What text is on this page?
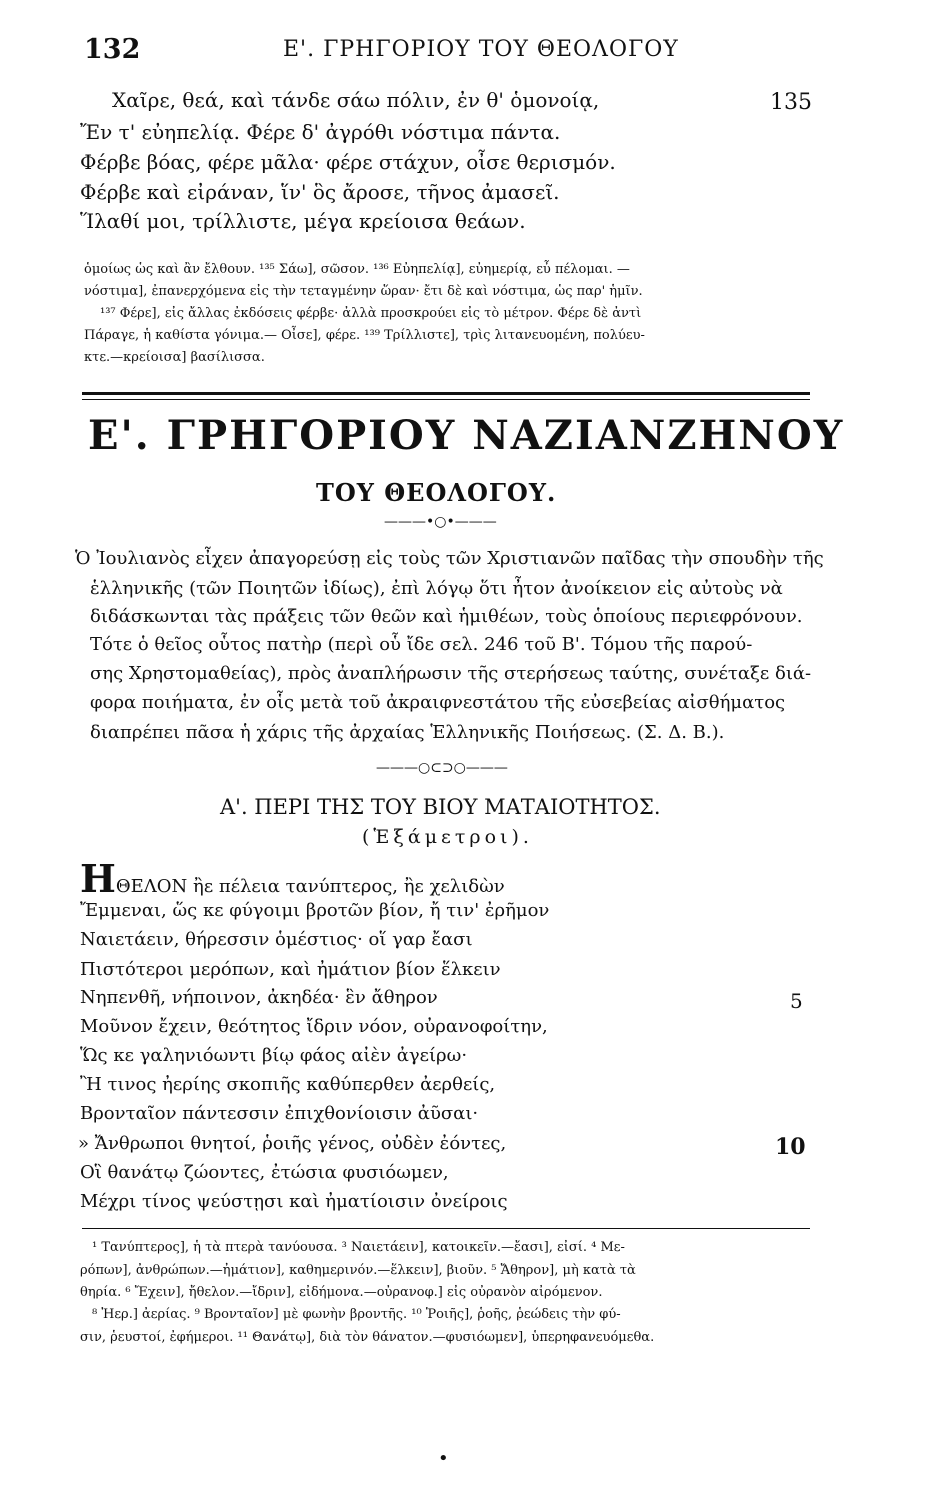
132	Ε'. ΓΡΗΓΟΡΙΟΥ ΤΟΥ ΘΕΟΛΟΓΟΥ
Χαῖρε, θεά, καὶ τάνδε σάω πόλιν, ἐν θ' ὁμονοίᾳ,	135
Ἔν τ' εὐηπελίᾳ. Φέρε δ' ἀγρόθι νόστιμα πάντα.
Φέρβε βόας, φέρε μᾶλα· φέρε στάχυν, οἶσε θερισμόν.
Φέρβε καὶ εἰράναν, ἵν' ὃς ἄροσε, τῆνος ἀμασεῖ.
Ἵλαθί μοι, τρίλλιστε, μέγα κρείοισα θεάων.
ὁμοίως ὡς καὶ ἂν ἔλθουν. ¹³⁵ Σάω], σῶσον. ¹³⁶ Εὐηπελίᾳ], εὐημερίᾳ, εὖ πέλομαι. —
νόστιμα], ἐπανερχόμενα εἰς τὴν τεταγμένην ὥραν· ἔτι δὲ καὶ νόστιμα, ὡς παρ' ἡμῖν.
¹³⁷ Φέρε], εἰς ἄλλας ἐκδόσεις φέρβε· ἀλλὰ προσκρούει εἰς τὸ μέτρον. Φέρε δὲ ἀντὶ
Πάραγε, ἡ καθίστα γόνιμα.— Οἶσε], φέρε. ¹³⁹ Τρίλλιστε], τρὶς λιτανευομένη, πολύευ-
κτε.—κρείοισα] βασίλισσα.
Ε'. ΓΡΗΓΟΡΙΟΥ ΝΑΖΙΑΝΖΗΝΟΥ
ΤΟΥ ΘΕΟΛΟΓΟΥ.
———•○•———
Ὁ Ἰουλιανὸς εἶχεν ἀπαγορεύσῃ εἰς τοὺς τῶν Χριστιανῶν παῖδας τὴν σπουδὴν τῆς
ἑλληνικῆς (τῶν Ποιητῶν ἰδίως), ἐπὶ λόγῳ ὅτι ἦτον ἀνοίκειον εἰς αὐτοὺς νὰ
διδάσκωνται τὰς πράξεις τῶν θεῶν καὶ ἡμιθέων, τοὺς ὁποίους περιεφρόνουν.
Τότε ὁ θεῖος οὗτος πατὴρ (περὶ οὗ ἴδε σελ. 246 τοῦ Β'. Τόμου τῆς παρού-
σης Χρηστομαθείας), πρὸς ἀναπλήρωσιν τῆς στερήσεως ταύτης, συνέταξε διά-
φορα ποιήματα, ἐν οἷς μετὰ τοῦ ἀκραιφνεστάτου τῆς εὐσεβείας αἰσθήματος
διαπρέπει πᾶσα ἡ χάρις τῆς ἀρχαίας Ἑλληνικῆς Ποιήσεως. (Σ. Δ. Β.).
———○⊂⊃○———
Α'. ΠΕΡΙ ΤΗΣ ΤΟΥ ΒΙΟΥ ΜΑΤΑΙΟΤΗΤΟΣ.
(Ἑξάμετροι).
ΗΘΕΛΟΝ ἢε πέλεια τανύπτερος, ἢε χελιδὼν
Ἔμμεναι, ὥς κε φύγοιμι βροτῶν βίον, ἤ τιν' ἐρῆμον
Ναιετάειν, θήρεσσιν ὁμέστιος· οἵ γαρ ἔασι
Πιστότεροι μερόπων, καὶ ἠμάτιον βίον ἕλκειν
Νηπενθῆ, νήποινον, ἀκηδέα· ἓν ἄθηρον	5
Μοῦνον ἔχειν, θεότητος ἴδριν νόον, οὐρανοφοίτην,
Ὥς κε γαληνιόωντι βίῳ φάος αἰὲν ἀγείρω·
Ἢ τινος ἠερίης σκοπιῆς καθύπερθεν ἀερθείς,
Βρονταῖον πάντεσσιν ἐπιχθονίοισιν ἀῦσαι·
» Ἄνθρωποι θνητοί, ῥοιῆς γένος, οὐδὲν ἐόντες,	10
Οἳ θανάτῳ ζώοντες, ἐτώσια φυσιόωμεν,
Μέχρι τίνος ψεύστῃσι καὶ ἠματίοισιν ὀνείροις
¹ Τανύπτερος], ἡ τὰ πτερὰ τανύουσα. ³ Ναιετάειν], κατοικεῖν.—ἔασι], εἰσί. ⁴ Με-
ρόπων], ἀνθρώπων.—ἠμάτιον], καθημερινόν.—ἕλκειν], βιοῦν. ⁵ Ἄθηρον], μὴ κατὰ τὰ
θηρία. ⁶ Ἔχειν], ἤθελον.—ἴδριν], εἰδήμονα.—οὐρανοφ.] εἰς οὐρανὸν αἰρόμενον.
⁸ Ἠερ.] ἀερίας. ⁹ Βρονταῖον] μὲ φωνὴν βροντῆς. ¹⁰ Ῥοιῆς], ῥοῆς, ῥεώδεις τὴν φύ-
σιν, ῥευστοί, ἐφήμεροι. ¹¹ Θανάτῳ], διὰ τὸν θάνατον.—φυσιόωμεν], ὑπερηφανευόμεθα.
•
